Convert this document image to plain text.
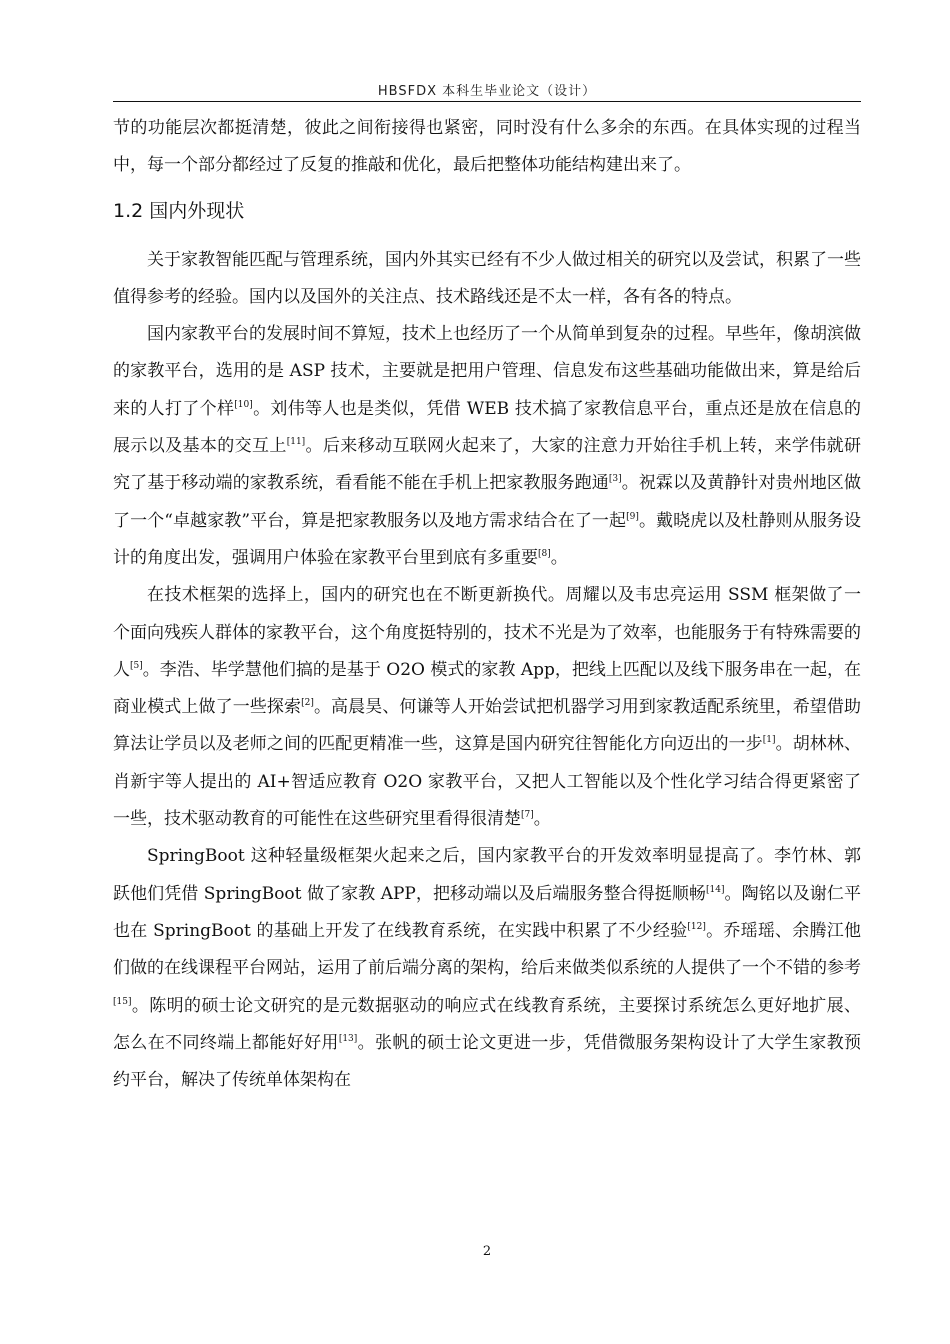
HBSFDX 本科生毕业论文（设计）

节的功能层次都挺清楚，彼此之间衔接得也紧密，同时没有什么多余的东西。在具体实现的过程当中，每一个部分都经过了反复的推敲和优化，最后把整体功能结构建出来了。

1.2 国内外现状

关于家教智能匹配与管理系统，国内外其实已经有不少人做过相关的研究以及尝试，积累了一些值得参考的经验。国内以及国外的关注点、技术路线还是不太一样，各有各的特点。

国内家教平台的发展时间不算短，技术上也经历了一个从简单到复杂的过程。早些年，像胡滨做的家教平台，选用的是 ASP 技术，主要就是把用户管理、信息发布这些基础功能做出来，算是给后来的人打了个样[10]。刘伟等人也是类似，凭借 WEB 技术搞了家教信息平台，重点还是放在信息的展示以及基本的交互上[11]。后来移动互联网火起来了，大家的注意力开始往手机上转，来学伟就研究了基于移动端的家教系统，看看能不能在手机上把家教服务跑通[3]。祝霖以及黄静针对贵州地区做了一个“卓越家教”平台，算是把家教服务以及地方需求结合在了一起[9]。戴晓虎以及杜静则从服务设计的角度出发，强调用户体验在家教平台里到底有多重要[8]。

在技术框架的选择上，国内的研究也在不断更新换代。周耀以及韦忠亮运用 SSM 框架做了一个面向残疾人群体的家教平台，这个角度挺特别的，技术不光是为了效率，也能服务于有特殊需要的人[5]。李浩、毕学慧他们搞的是基于 O2O 模式的家教 App，把线上匹配以及线下服务串在一起，在商业模式上做了一些探索[2]。高晨昊、何谦等人开始尝试把机器学习用到家教适配系统里，希望借助算法让学员以及老师之间的匹配更精准一些，这算是国内研究往智能化方向迈出的一步[1]。胡林林、肖新宇等人提出的 AI+智适应教育 O2O 家教平台，又把人工智能以及个性化学习结合得更紧密了一些，技术驱动教育的可能性在这些研究里看得很清楚[7]。

SpringBoot 这种轻量级框架火起来之后，国内家教平台的开发效率明显提高了。李竹林、郭跃他们凭借 SpringBoot 做了家教 APP，把移动端以及后端服务整合得挺顺畅[14]。陶铭以及谢仁平也在 SpringBoot 的基础上开发了在线教育系统，在实践中积累了不少经验[12]。乔瑶瑶、余腾江他们做的在线课程平台网站，运用了前后端分离的架构，给后来做类似系统的人提供了一个不错的参考[15]。陈明的硕士论文研究的是元数据驱动的响应式在线教育系统，主要探讨系统怎么更好地扩展、怎么在不同终端上都能好好用[13]。张帆的硕士论文更进一步，凭借微服务架构设计了大学生家教预约平台，解决了传统单体架构在

2
